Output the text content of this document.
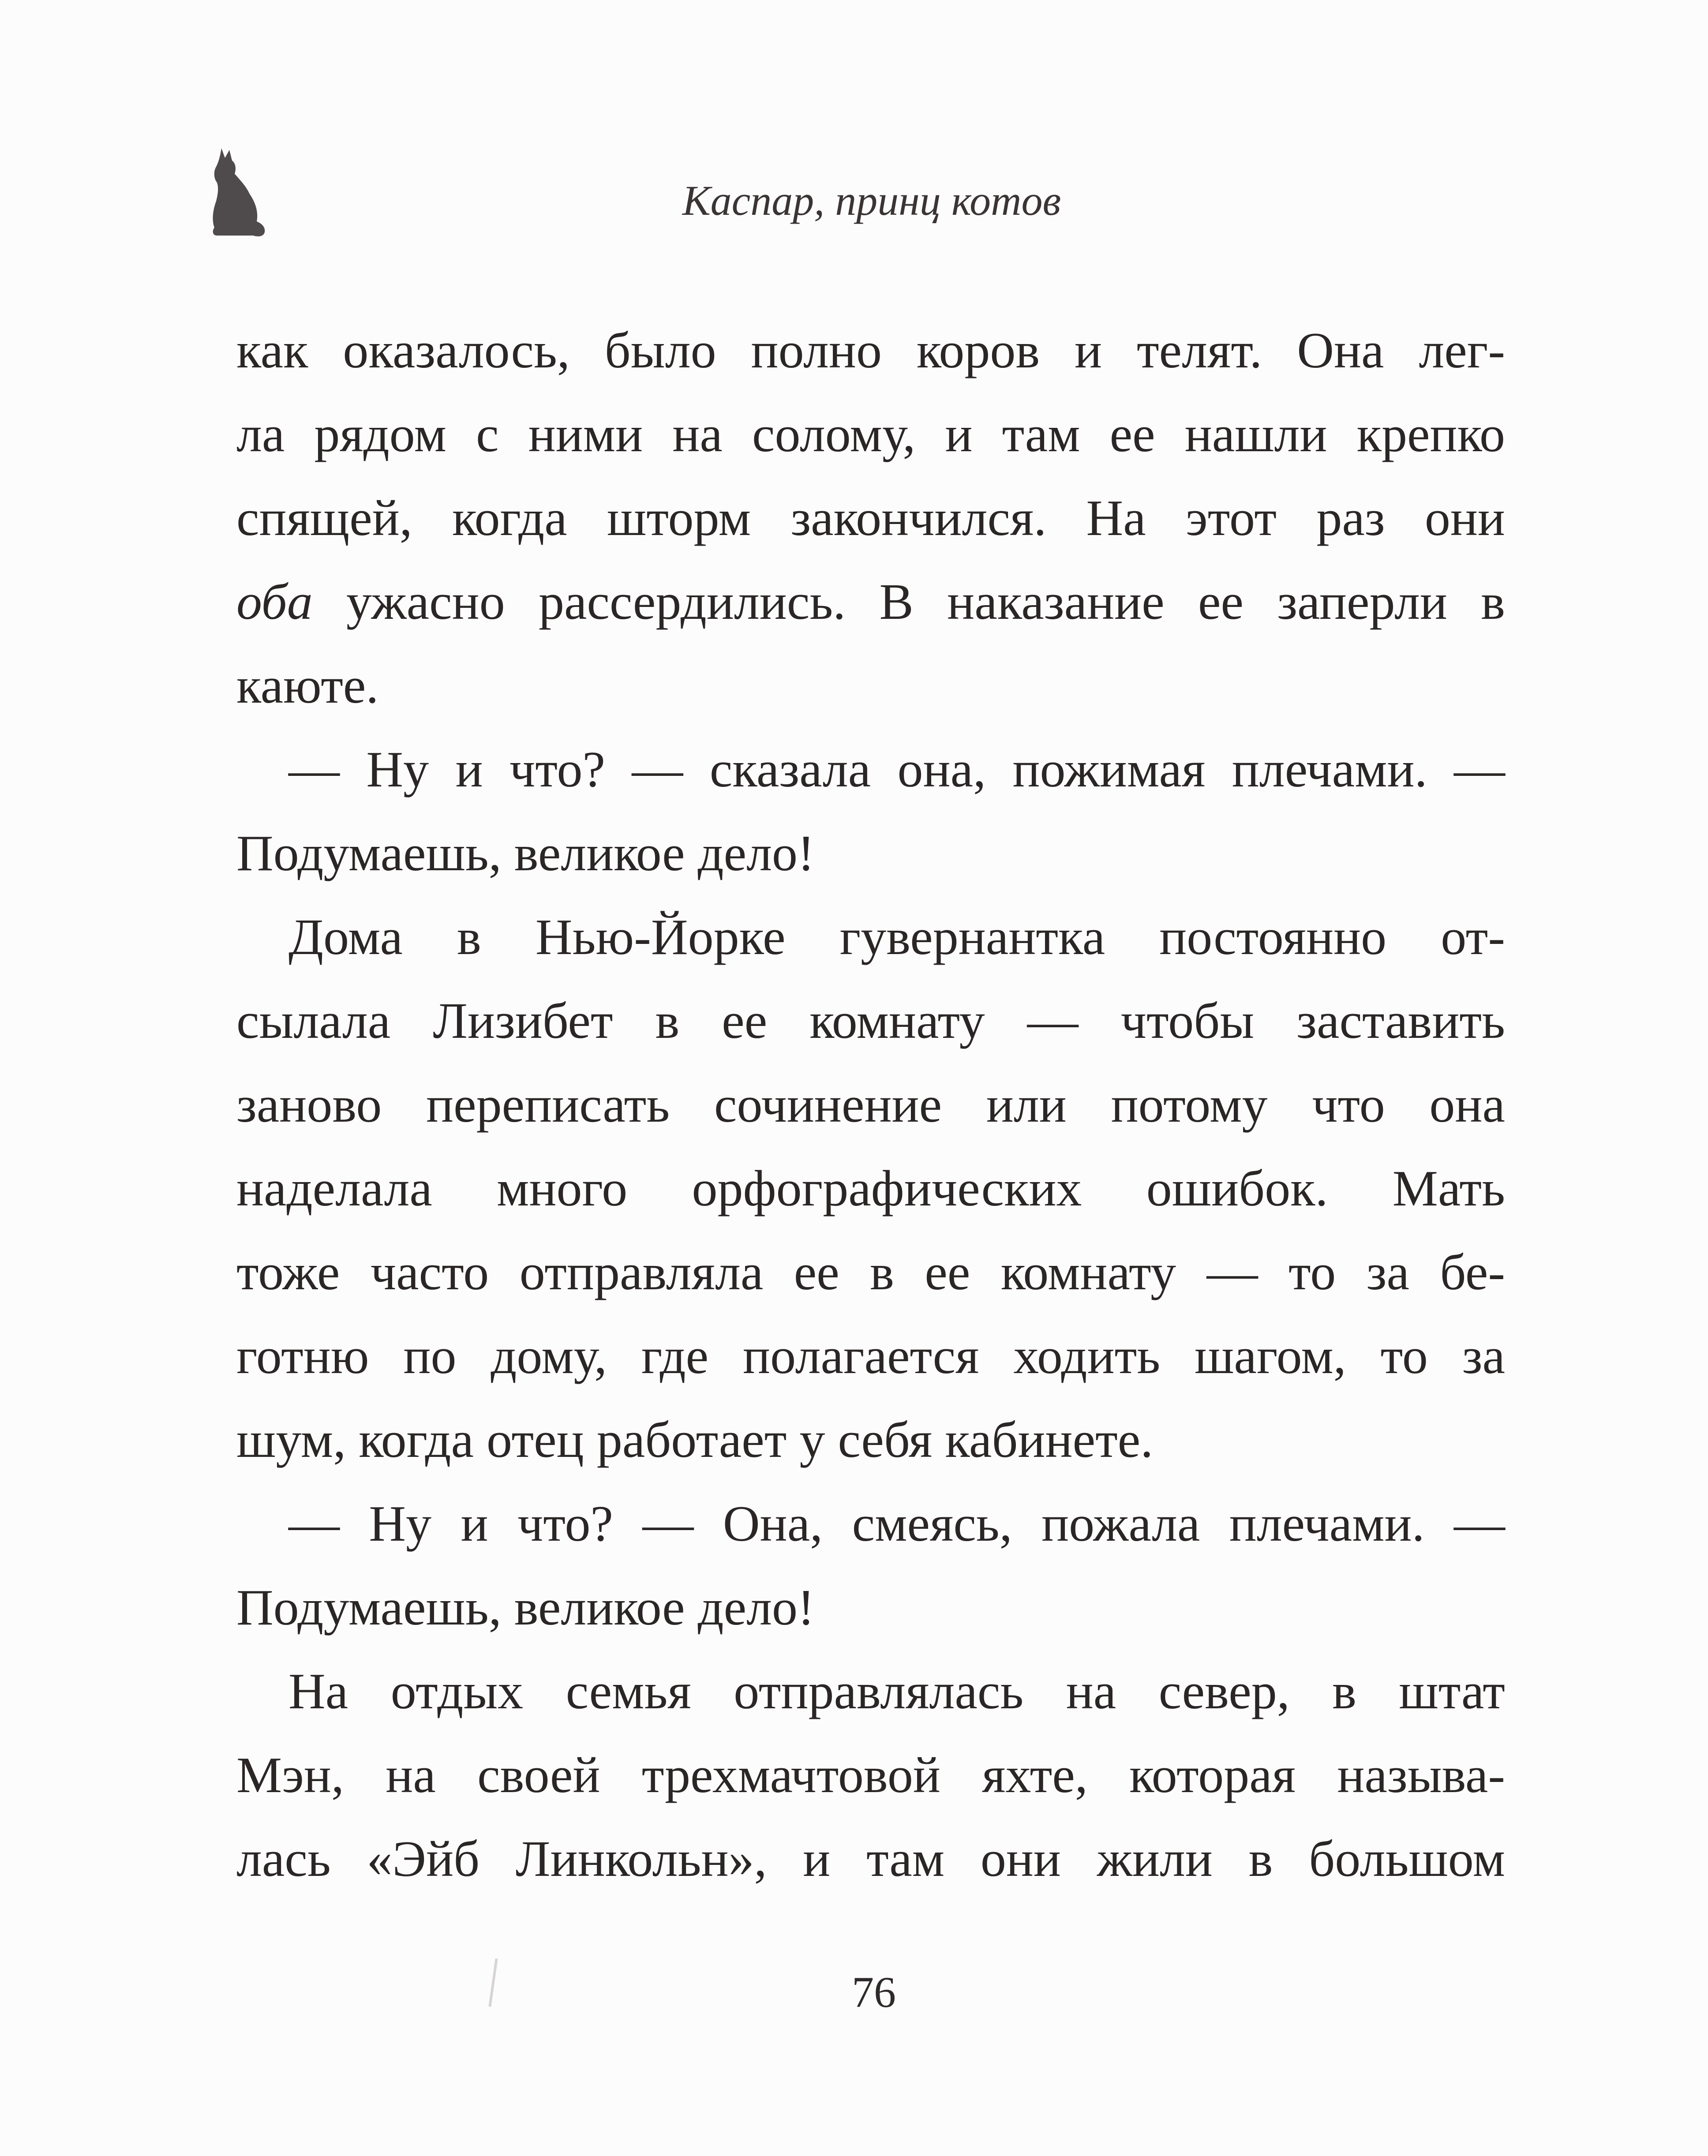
Каспар, принц котов
как оказалось, было полно коров и телят. Она лег-
ла рядом с ними на солому, и там ее нашли крепко
спящей, когда шторм закончился. На этот раз они
оба ужасно рассердились. В наказание ее заперли в
каюте.
— Ну и что? — сказала она, пожимая плечами. —
Подумаешь, великое дело!
Дома в Нью-Йорке гувернантка постоянно от-
сылала Лизибет в ее комнату — чтобы заставить
заново переписать сочинение или потому что она
наделала много орфографических ошибок. Мать
тоже часто отправляла ее в ее комнату — то за бе-
готню по дому, где полагается ходить шагом, то за
шум, когда отец работает у себя кабинете.
— Ну и что? — Она, смеясь, пожала плечами. —
Подумаешь, великое дело!
На отдых семья отправлялась на север, в штат
Мэн, на своей трехмачтовой яхте, которая называ-
лась «Эйб Линкольн», и там они жили в большом
76
